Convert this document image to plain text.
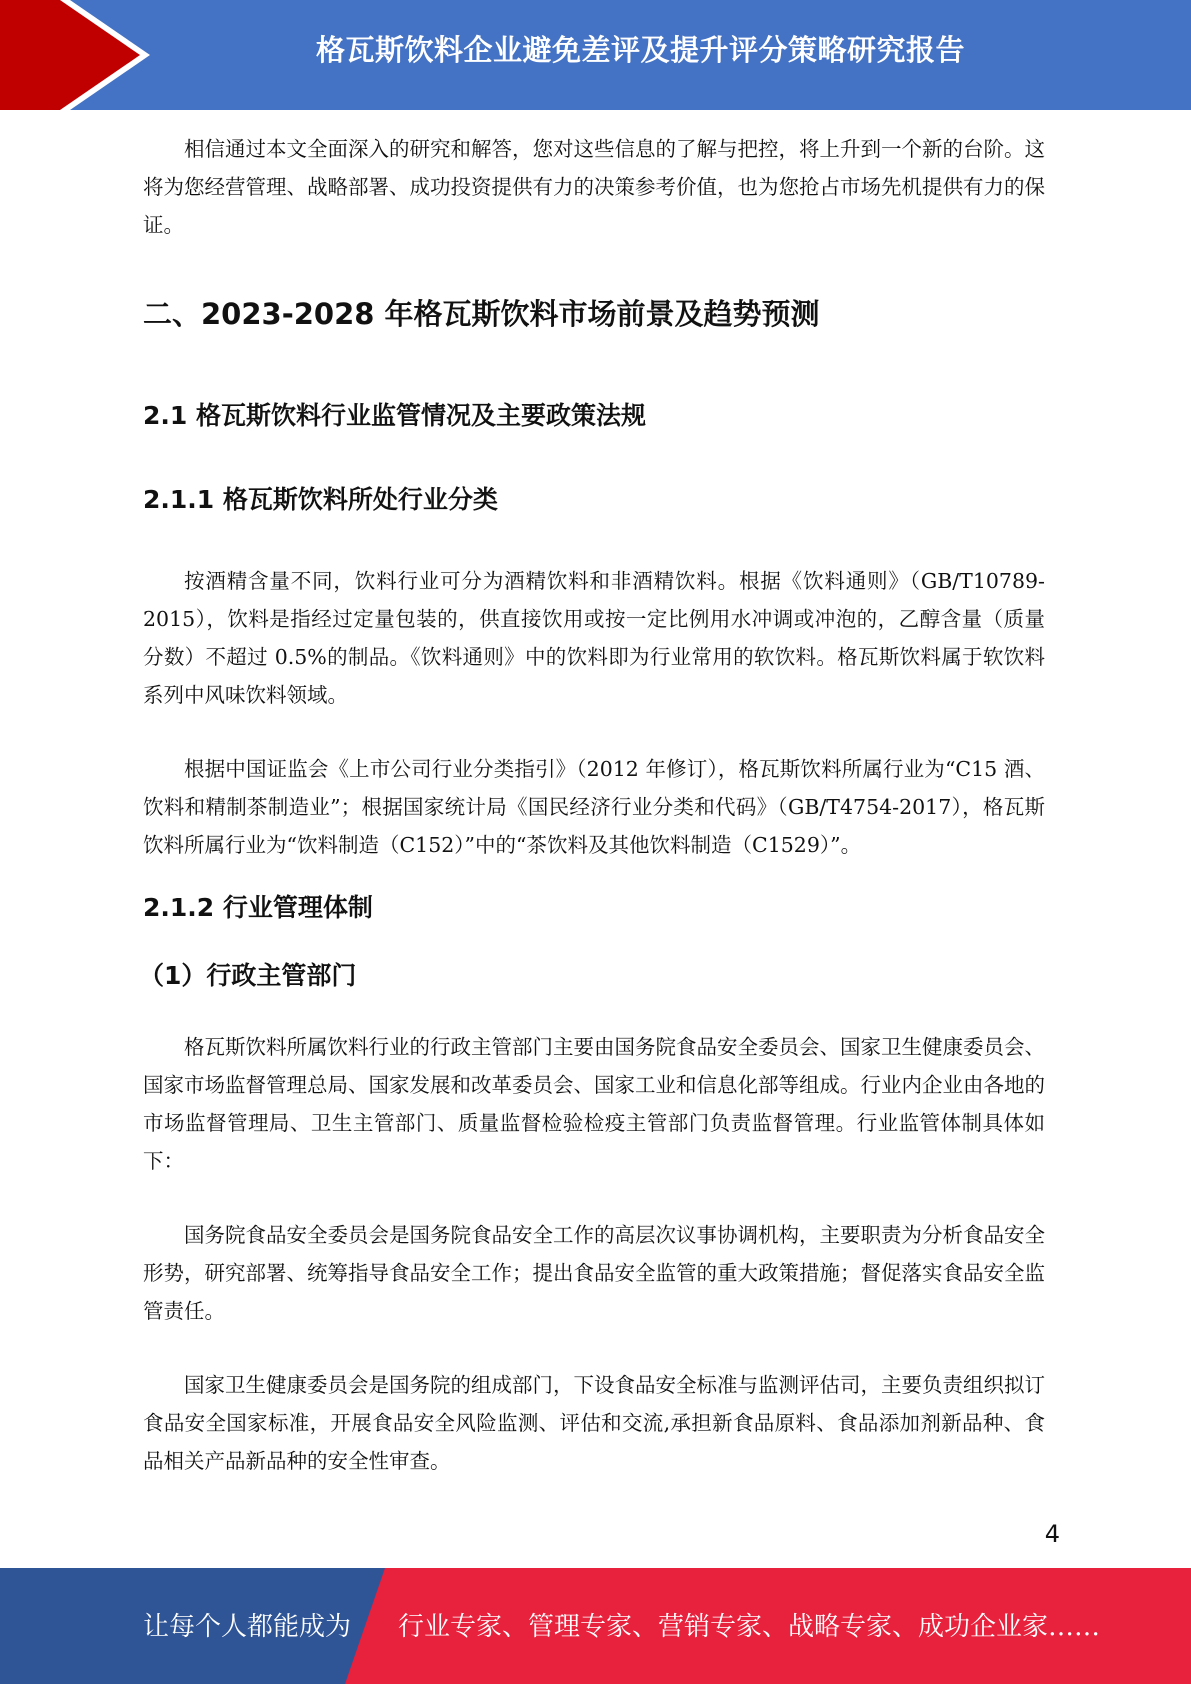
格瓦斯饮料企业避免差评及提升评分策略研究报告

相信通过本文全面深入的研究和解答，您对这些信息的了解与把控，将上升到一个新的台阶。这将为您经营管理、战略部署、成功投资提供有力的决策参考价值，也为您抢占市场先机提供有力的保证。

二、2023-2028 年格瓦斯饮料市场前景及趋势预测
2.1 格瓦斯饮料行业监管情况及主要政策法规
2.1.1 格瓦斯饮料所处行业分类

按酒精含量不同，饮料行业可分为酒精饮料和非酒精饮料。根据《饮料通则》（GB/T10789-2015），饮料是指经过定量包装的，供直接饮用或按一定比例用水冲调或冲泡的，乙醇含量（质量分数）不超过 0.5%的制品。《饮料通则》中的饮料即为行业常用的软饮料。格瓦斯饮料属于软饮料系列中风味饮料领域。

根据中国证监会《上市公司行业分类指引》（2012 年修订），格瓦斯饮料所属行业为“C15 酒、饮料和精制茶制造业”；根据国家统计局《国民经济行业分类和代码》（GB/T4754-2017），格瓦斯饮料所属行业为“饮料制造（C152）”中的“茶饮料及其他饮料制造（C1529）”。

2.1.2 行业管理体制
（1）行政主管部门

格瓦斯饮料所属饮料行业的行政主管部门主要由国务院食品安全委员会、国家卫生健康委员会、国家市场监督管理总局、国家发展和改革委员会、国家工业和信息化部等组成。行业内企业由各地的市场监督管理局、卫生主管部门、质量监督检验检疫主管部门负责监督管理。行业监管体制具体如下：

国务院食品安全委员会是国务院食品安全工作的高层次议事协调机构，主要职责为分析食品安全形势，研究部署、统筹指导食品安全工作；提出食品安全监管的重大政策措施；督促落实食品安全监管责任。

国家卫生健康委员会是国务院的组成部门，下设食品安全标准与监测评估司，主要负责组织拟订食品安全国家标准，开展食品安全风险监测、评估和交流,承担新食品原料、食品添加剂新品种、食品相关产品新品种的安全性审查。

4
让每个人都能成为 行业专家、管理专家、营销专家、战略专家、成功企业家……
